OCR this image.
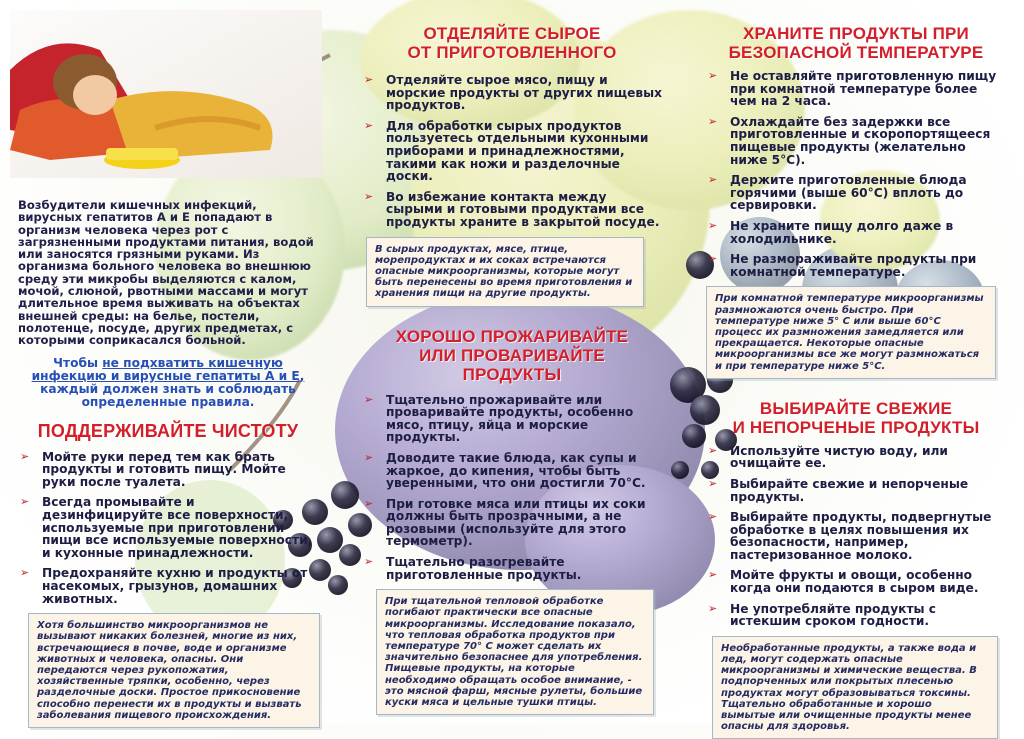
Возбудители кишечных инфекций, вирусных гепатитов А и Е попадают в организм человека через рот с загрязненными продуктами питания, водой или заносятся грязными руками. Из организма больного человека во внешнюю среду эти микробы выделяются с калом, мочой, слюной, рвотными массами и могут длительное время выживать на объектах внешней среды: на белье, постели, полотенце, посуде, других предметах, с которыми соприкасался больной.

Чтобы не подхватить кишечную инфекцию и вирусные гепатиты А и Е, каждый должен знать и соблюдать определенные правила.

ПОДДЕРЖИВАЙТЕ ЧИСТОТУ
➢ Мойте руки перед тем как брать продукты и готовить пищу. Мойте руки после туалета.
➢ Всегда промывайте и дезинфицируйте все поверхности, используемые при приготовлении пищи все используемые поверхности, и кухонные принадлежности.
➢ Предохраняйте кухню и продукты от насекомых, грызунов, домашних животных.
Хотя большинство микроорганизмов не вызывают никаких болезней, многие из них, встречающиеся в почве, воде и организме животных и человека, опасны. Они передаются через рукопожатия, хозяйственные тряпки, особенно, через разделочные доски. Простое прикосновение способно перенести их в продукты и вызвать заболевания пищевого происхождения.
ОТДЕЛЯЙТЕ СЫРОЕ
ОТ ПРИГОТОВЛЕННОГО
➢ Отделяйте сырое мясо, пищу и морские продукты от других пищевых продуктов.
➢ Для обработки сырых продуктов пользуетесь отдельными кухонными приборами и принадлежностями, такими как ножи и разделочные доски.
➢ Во избежание контакта между сырыми и готовыми продуктами все продукты храните в закрытой посуде.
В сырых продуктах, мясе, птице, морепродуктах и их соках встречаются опасные микроорганизмы, которые могут быть перенесены во время приготовления и хранения пищи на другие продукты.
ХОРОШО ПРОЖАРИВАЙТЕ
ИЛИ ПРОВАРИВАЙТЕ
ПРОДУКТЫ
➢ Тщательно прожаривайте или проваривайте продукты, особенно мясо, птицу, яйца и морские продукты.
➢ Доводите такие блюда, как супы и жаркое, до кипения, чтобы быть уверенными, что они достигли 70°С.
➢ При готовке мяса или птицы их соки должны быть прозрачными, а не розовыми (используйте для этого термометр).
➢ Тщательно разогревайте приготовленные продукты.
При тщательной тепловой обработке погибают практически все опасные микроорганизмы. Исследование показало, что тепловая обработка продуктов при температуре 70° С может сделать их значительно безопаснее для употребления. Пищевые продукты, на которые необходимо обращать особое внимание, - это мясной фарш, мясные рулеты, большие куски мяса и цельные тушки птицы.
ХРАНИТЕ ПРОДУКТЫ ПРИ
БЕЗОПАСНОЙ ТЕМПЕРАТУРЕ
➢ Не оставляйте приготовленную пищу при комнатной температуре более чем на 2 часа.
➢ Охлаждайте без задержки все приготовленные и скоропортящееся пищевые продукты (желательно ниже 5°С).
➢ Держите приготовленные блюда горячими (выше 60°С) вплоть до сервировки.
➢ Не храните пищу долго даже в холодильнике.
➢ Не размораживайте продукты при комнатной температуре.
При комнатной температуре микроорганизмы размножаются очень быстро. При температуре ниже 5° С или выше 60°С процесс их размножения замедляется или прекращается. Некоторые опасные микроорганизмы все же могут размножаться и при температуре ниже 5°С.
ВЫБИРАЙТЕ СВЕЖИЕ
И НЕПОРЧЕНЫЕ ПРОДУКТЫ
➢ Используйте чистую воду, или очищайте ее.
➢ Выбирайте свежие и непорченые продукты.
➢ Выбирайте продукты, подвергнутые обработке в целях повышения их безопасности, например, пастеризованное молоко.
➢ Мойте фрукты и овощи, особенно когда они подаются в сыром виде.
➢ Не употребляйте продукты с истекшим сроком годности.
Необработанные продукты, а также вода и лед, могут содержать опасные микроорганизмы и химические вещества. В подпорченных или покрытых плесенью продуктах могут образовываться токсины. Тщательно обработанные и хорошо вымытые или очищенные продукты менее опасны для здоровья.
